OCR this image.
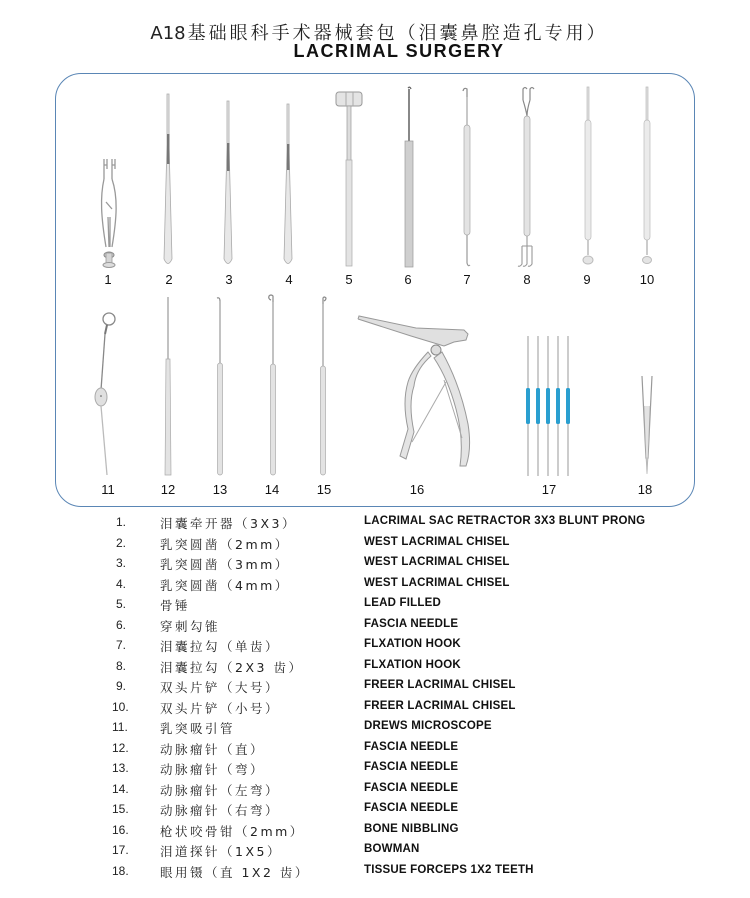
A18 基础眼科手术器械套包（泪囊鼻腔造孔专用）
LACRIMAL SURGERY
1	2	3	4	5	6	7	8	9	10
11	12	13	14	15	16	17	18
1.	泪囊牵开器（3X3）	LACRIMAL SAC RETRACTOR 3X3 BLUNT PRONG
2.	乳突圆凿（2mm）	WEST LACRIMAL CHISEL
3.	乳突圆凿（3mm）	WEST LACRIMAL CHISEL
4.	乳突圆凿（4mm）	WEST LACRIMAL CHISEL
5.	骨锤	LEAD FILLED
6.	穿刺勾锥	FASCIA NEEDLE
7.	泪囊拉勾（单齿）	FLXATION HOOK
8.	泪囊拉勾（2X3 齿）	FLXATION HOOK
9.	双头片铲（大号）	FREER LACRIMAL CHISEL
10.	双头片铲（小号）	FREER LACRIMAL CHISEL
11.	乳突吸引管	DREWS MICROSCOPE
12.	动脉瘤针（直）	FASCIA NEEDLE
13.	动脉瘤针（弯）	FASCIA NEEDLE
14.	动脉瘤针（左弯）	FASCIA NEEDLE
15.	动脉瘤针（右弯）	FASCIA NEEDLE
16.	枪状咬骨钳（2mm）	BONE NIBBLING
17.	泪道探针（1X5）	BOWMAN
18.	眼用镊（直 1X2 齿）	TISSUE FORCEPS 1X2 TEETH
